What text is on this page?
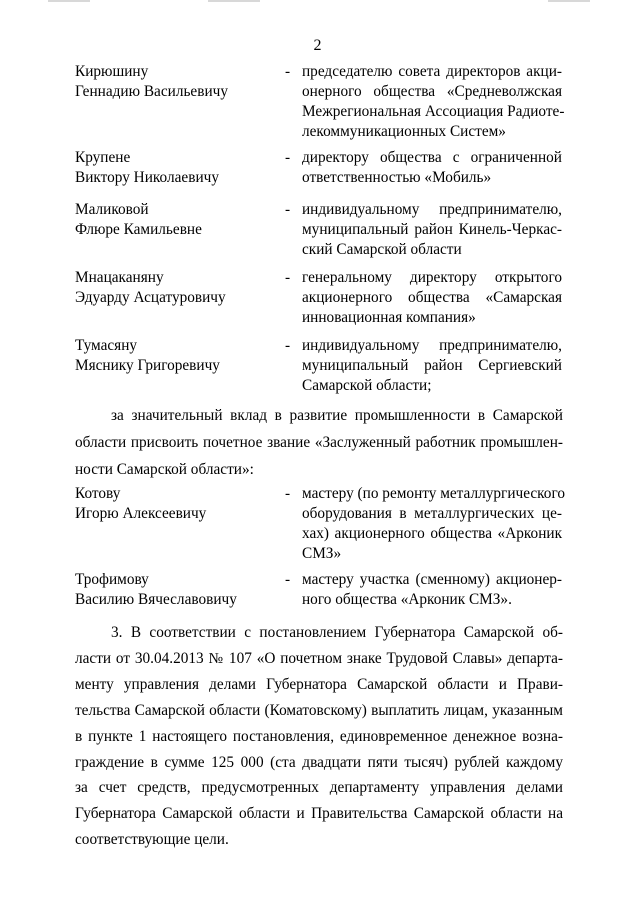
2
Кирюшину
Геннадию Васильевичу
- председателю совета директоров акци-
онерного общества «Средневолжская
Межрегиональная Ассоциация Радиоте-
лекоммуникационных Систем»
Крупене
Виктору Николаевичу
- директору общества с ограниченной
ответственностью «Мобиль»
Маликовой
Флюре Камильевне
- индивидуальному предпринимателю,
муниципальный район Кинель-Черкас-
ский Самарской области
Мнацаканяну
Эдуарду Асцатуровичу
- генеральному директору открытого
акционерного общества «Самарская
инновационная компания»
Тумасяну
Мяснику Григоревичу
- индивидуальному предпринимателю,
муниципальный район Сергиевский
Самарской области;
за значительный вклад в развитие промышленности в Самарской
области присвоить почетное звание «Заслуженный работник промышлен-
ности Самарской области»:
Котову
Игорю Алексеевичу
- мастеру (по ремонту металлургического
оборудования в металлургических це-
хах) акционерного общества «Арконик
СМЗ»
Трофимову
Василию Вячеславовичу
- мастеру участка (сменному) акционер-
ного общества «Арконик СМЗ».
3. В соответствии с постановлением Губернатора Самарской об-
ласти от 30.04.2013 № 107 «О почетном знаке Трудовой Славы» департа-
менту управления делами Губернатора Самарской области и Прави-
тельства Самарской области (Коматовскому) выплатить лицам, указанным
в пункте 1 настоящего постановления, единовременное денежное возна-
граждение в сумме 125 000 (ста двадцати пяти тысяч) рублей каждому
за счет средств, предусмотренных департаменту управления делами
Губернатора Самарской области и Правительства Самарской области на
соответствующие цели.
